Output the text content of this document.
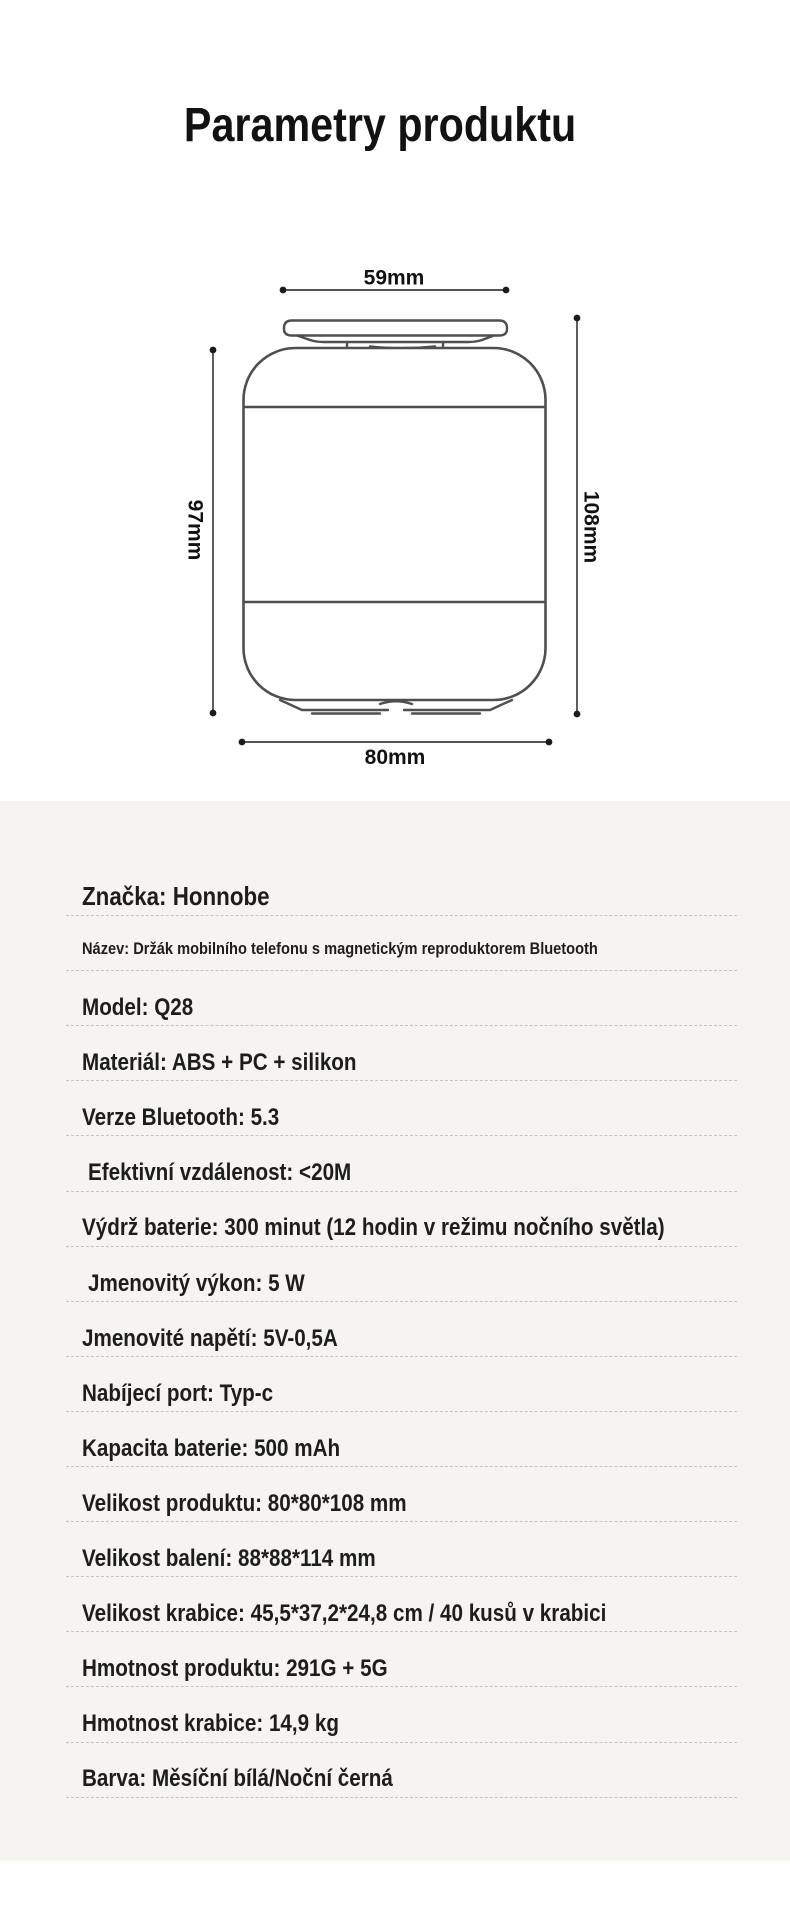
Parametry produktu
59mm
97mm	108mm
80mm
Značka: Honnobe
Název: Držák mobilního telefonu s magnetickým reproduktorem Bluetooth
Model: Q28
Materiál: ABS + PC + silikon
Verze Bluetooth: 5.3
Efektivní vzdálenost: <20M
Výdrž baterie: 300 minut (12 hodin v režimu nočního světla)
Jmenovitý výkon: 5 W
Jmenovité napětí: 5V-0,5A
Nabíjecí port: Typ-c
Kapacita baterie: 500 mAh
Velikost produktu: 80*80*108 mm
Velikost balení: 88*88*114 mm
Velikost krabice: 45,5*37,2*24,8 cm / 40 kusů v krabici
Hmotnost produktu: 291G + 5G
Hmotnost krabice: 14,9 kg
Barva: Měsíční bílá/Noční černá
